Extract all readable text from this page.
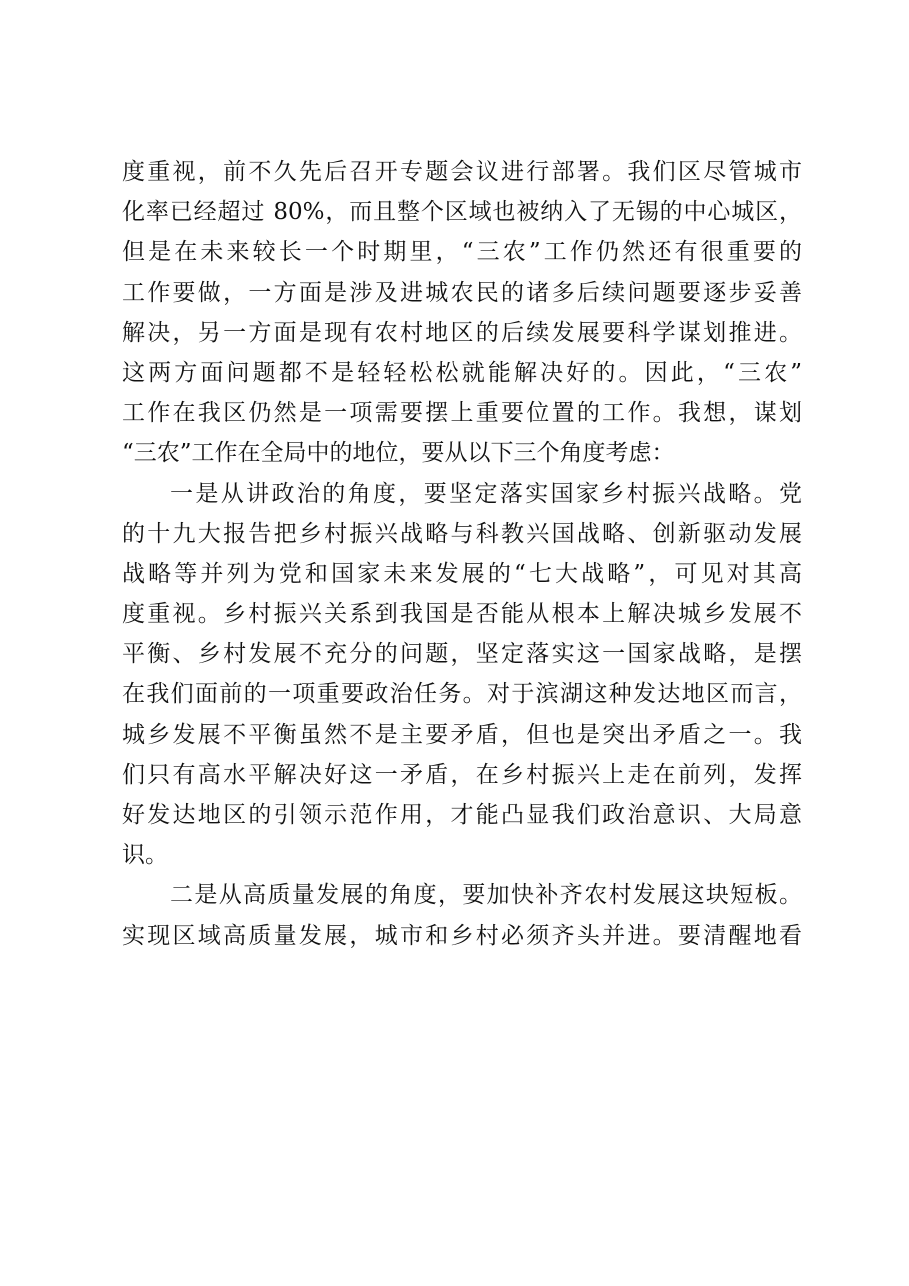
度重视，前不久先后召开专题会议进行部署。我们区尽管城市
化率已经超过 80%，而且整个区域也被纳入了无锡的中心城区，
但是在未来较长一个时期里，“三农”工作仍然还有很重要的
工作要做，一方面是涉及进城农民的诸多后续问题要逐步妥善
解决，另一方面是现有农村地区的后续发展要科学谋划推进。
这两方面问题都不是轻轻松松就能解决好的。因此，“三农”
工作在我区仍然是一项需要摆上重要位置的工作。我想，谋划
“三农”工作在全局中的地位，要从以下三个角度考虑：
一是从讲政治的角度，要坚定落实国家乡村振兴战略。党
的十九大报告把乡村振兴战略与科教兴国战略、创新驱动发展
战略等并列为党和国家未来发展的“七大战略”，可见对其高
度重视。乡村振兴关系到我国是否能从根本上解决城乡发展不
平衡、乡村发展不充分的问题，坚定落实这一国家战略，是摆
在我们面前的一项重要政治任务。对于滨湖这种发达地区而言，
城乡发展不平衡虽然不是主要矛盾，但也是突出矛盾之一。我
们只有高水平解决好这一矛盾，在乡村振兴上走在前列，发挥
好发达地区的引领示范作用，才能凸显我们政治意识、大局意
识。
二是从高质量发展的角度，要加快补齐农村发展这块短板。
实现区域高质量发展，城市和乡村必须齐头并进。要清醒地看
